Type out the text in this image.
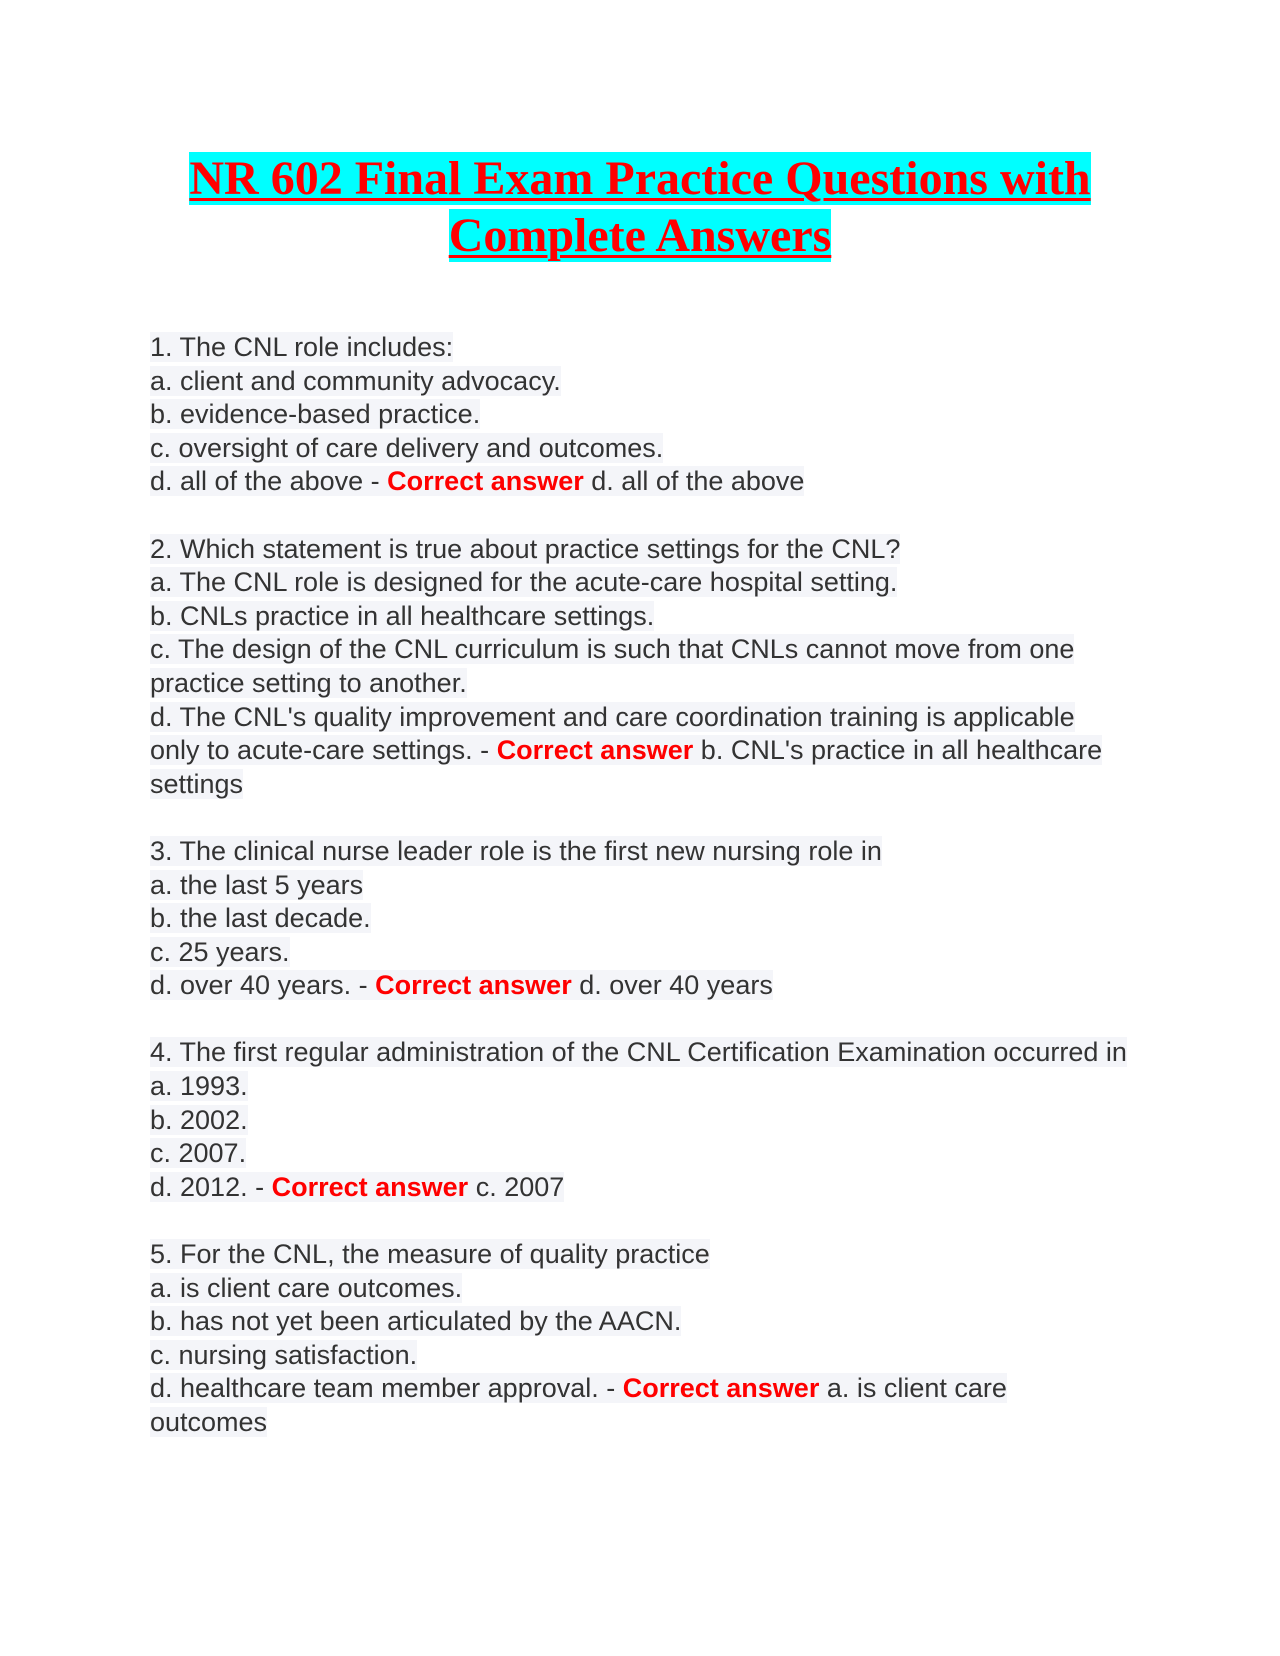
NR 602 Final Exam Practice Questions with
Complete Answers
1. The CNL role includes:
a. client and community advocacy.
b. evidence-based practice.
c. oversight of care delivery and outcomes.
d. all of the above - Correct answer d. all of the above
2. Which statement is true about practice settings for the CNL?
a. The CNL role is designed for the acute-care hospital setting.
b. CNLs practice in all healthcare settings.
c. The design of the CNL curriculum is such that CNLs cannot move from one practice setting to another.
d. The CNL's quality improvement and care coordination training is applicable only to acute-care settings. - Correct answer b. CNL's practice in all healthcare settings
3. The clinical nurse leader role is the first new nursing role in
a. the last 5 years
b. the last decade.
c. 25 years.
d. over 40 years. - Correct answer d. over 40 years
4. The first regular administration of the CNL Certification Examination occurred in
a. 1993.
b. 2002.
c. 2007.
d. 2012. - Correct answer c. 2007
5. For the CNL, the measure of quality practice
a. is client care outcomes.
b. has not yet been articulated by the AACN.
c. nursing satisfaction.
d. healthcare team member approval. - Correct answer a. is client care outcomes
